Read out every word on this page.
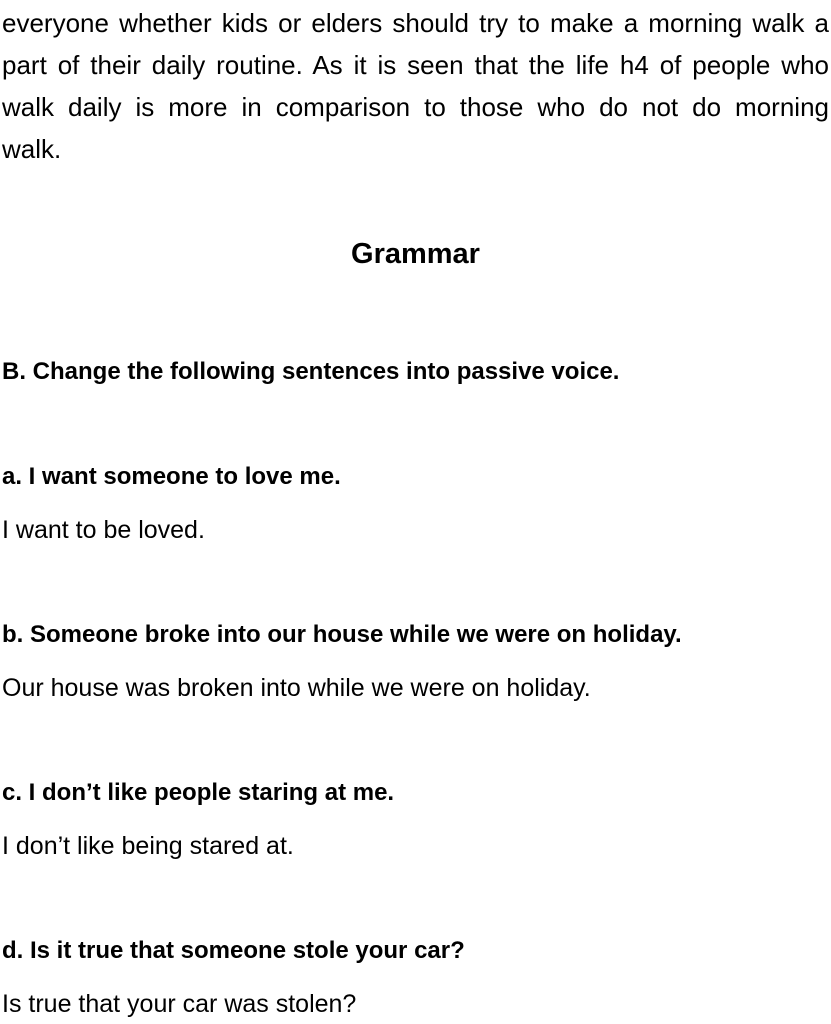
everyone whether kids or elders should try to make a morning walk a
part of their daily routine. As it is seen that the life h4 of people who
walk daily is more in comparison to those who do not do morning
walk.

Grammar

B. Change the following sentences into passive voice.

a. I want someone to love me.

I want to be loved.

b. Someone broke into our house while we were on holiday.

Our house was broken into while we were on holiday.

c. I don’t like people staring at me.

I don’t like being stared at.

d. Is it true that someone stole your car?

Is true that your car was stolen?
